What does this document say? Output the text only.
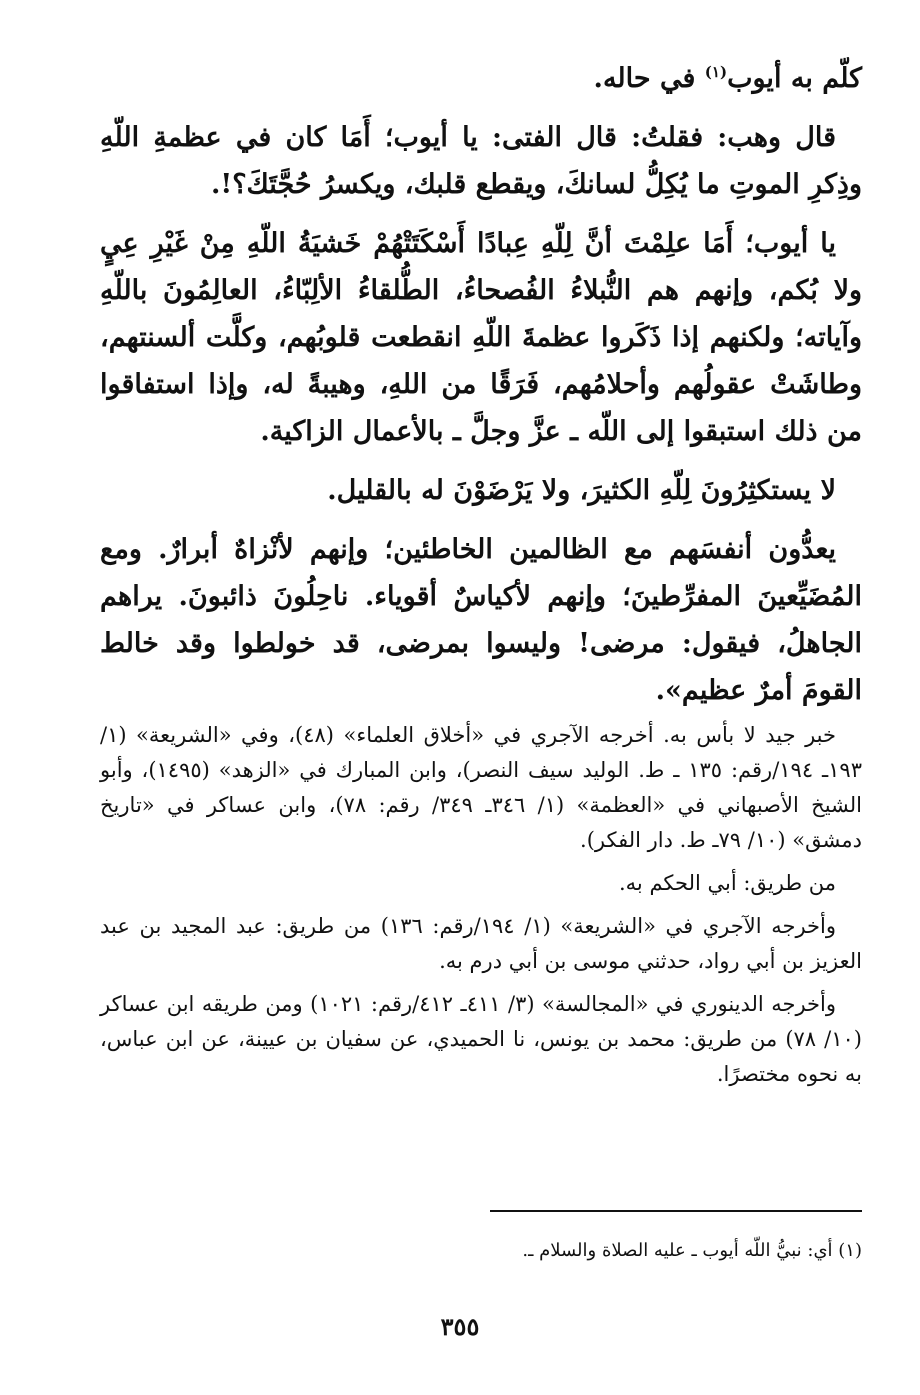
كلّم به أيوب$^{(١)}$ في حاله.

قال وهب: فقلتُ: قال الفتى: يا أيوب؛ أَمَا كان في عظمةِ اللّهِ وذِكرِ الموتِ ما يُكِلُّ لسانكَ، ويقطع قلبك، ويكسرُ حُجَّتَكَ؟!.

يا أيوب؛ أَمَا علِمْتَ أنَّ لِلّهِ عِبادًا أَسْكَتَتْهُمْ خَشيَةُ اللّهِ مِنْ غَيْرِ عِيٍ ولا بُكم، وإنهم هم النُّبلاءُ الفُصحاءُ، الطُّلقاءُ الألِبّاءُ، العالِمُونَ باللّهِ وآياته؛ ولكنهم إذا ذَكَروا عظمةَ اللّهِ انقطعت قلوبُهم، وكلَّت ألسنتهم، وطاشَتْ عقولُهم وأحلامُهم، فَرَقًا من اللهِ، وهيبةً له، وإذا استفاقوا من ذلك استبقوا إلى اللّه ـ عزَّ وجلَّ ـ بالأعمال الزاكية.

لا يستكثِرُونَ لِلّهِ الكثيرَ، ولا يَرْضَوْنَ له بالقليل.

يعدُّون أنفسَهم مع الظالمين الخاطئين؛ وإنهم لأنْزاهٌ أبرارٌ. ومع المُضَيِّعينَ المفرِّطينَ؛ وإنهم لأكياسٌ أقوياء. ناحِلُونَ ذائبونَ. يراهم الجاهلُ، فيقول: مرضى! وليسوا بمرضى، قد خولطوا وقد خالط القومَ أمرٌ عظيم».

خبر جيد لا بأس به. أخرجه الآجري في «أخلاق العلماء» (٤٨)، وفي «الشريعة» (١/ ١٩٣ـ ١٩٤/رقم: ١٣٥ ـ ط. الوليد سيف النصر)، وابن المبارك في «الزهد» (١٤٩٥)، وأبو الشيخ الأصبهاني في «العظمة» (١/ ٣٤٦ـ ٣٤٩/ رقم: ٧٨)، وابن عساكر في «تاريخ دمشق» (١٠/ ٧٩ـ ط. دار الفكر).

من طريق: أبي الحكم به.

وأخرجه الآجري في «الشريعة» (١/ ١٩٤/رقم: ١٣٦) من طريق: عبد المجيد بن عبد العزيز بن أبي رواد، حدثني موسى بن أبي درم به.

وأخرجه الدينوري في «المجالسة» (٣/ ٤١١ـ ٤١٢/رقم: ١٠٢١) ومن طريقه ابن عساكر (١٠/ ٧٨) من طريق: محمد بن يونس، نا الحميدي، عن سفيان بن عيينة، عن ابن عباس، به نحوه مختصرًا.

(١) أي: نبيُّ اللّه أيوب ـ عليه الصلاة والسلام ـ.
٣٥٥
